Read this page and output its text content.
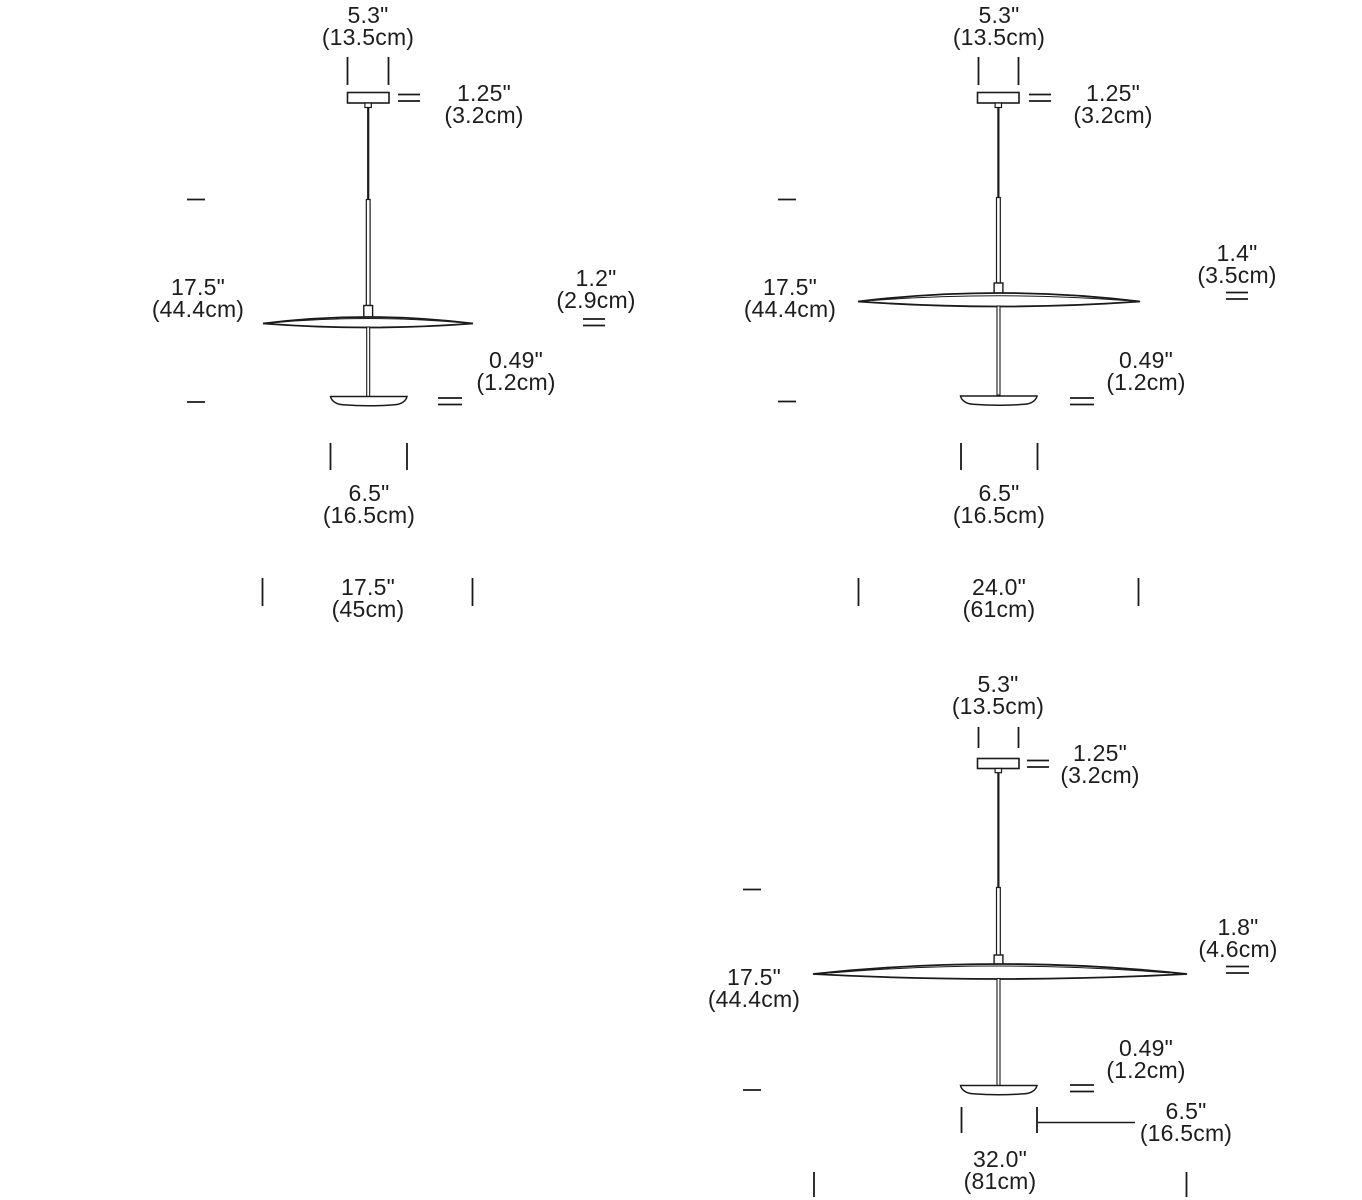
5.3"
(13.5cm)
1.25"
(3.2cm)
17.5"
(44.4cm)
1.2"
(2.9cm)
0.49"
(1.2cm)
6.5"
(16.5cm)
17.5"
(45cm)
5.3"
(13.5cm)
1.25"
(3.2cm)
17.5"
(44.4cm)
1.4"
(3.5cm)
0.49"
(1.2cm)
6.5"
(16.5cm)
24.0"
(61cm)
5.3"
(13.5cm)
1.25"
(3.2cm)
17.5"
(44.4cm)
1.8"
(4.6cm)
0.49"
(1.2cm)
6.5"
(16.5cm)
32.0"
(81cm)
